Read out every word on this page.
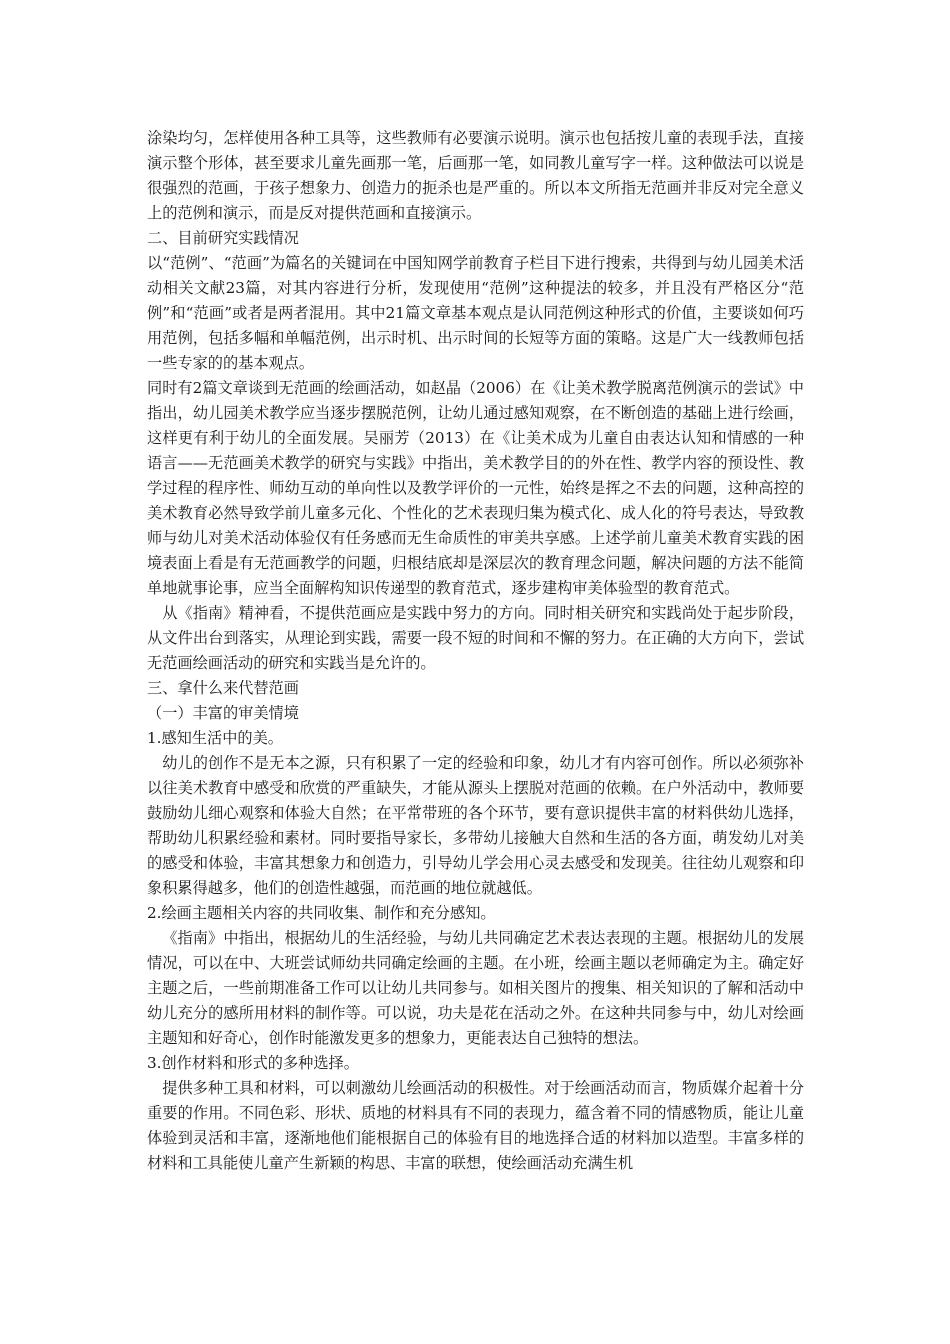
涂染均匀，怎样使用各种工具等，这些教师有必要演示说明。演示也包括按儿童的表现手法，直接演示整个形体，甚至要求儿童先画那一笔，后画那一笔，如同教儿童写字一样。这种做法可以说是很强烈的范画，于孩子想象力、创造力的扼杀也是严重的。所以本文所指无范画并非反对完全意义上的范例和演示，而是反对提供范画和直接演示。

二、目前研究实践情况

以“范例”、“范画”为篇名的关键词在中国知网学前教育子栏目下进行搜索，共得到与幼儿园美术活动相关文献23篇，对其内容进行分析，发现使用“范例”这种提法的较多，并且没有严格区分“范例”和“范画”或者是两者混用。其中21篇文章基本观点是认同范例这种形式的价值，主要谈如何巧用范例，包括多幅和单幅范例，出示时机、出示时间的长短等方面的策略。这是广大一线教师包括一些专家的的基本观点。

同时有2篇文章谈到无范画的绘画活动，如赵晶（2006）在《让美术教学脱离范例演示的尝试》中指出，幼儿园美术教学应当逐步摆脱范例，让幼儿通过感知观察，在不断创造的基础上进行绘画，这样更有利于幼儿的全面发展。吴丽芳（2013）在《让美术成为儿童自由表达认知和情感的一种语言——无范画美术教学的研究与实践》中指出，美术教学目的的外在性、教学内容的预设性、教学过程的程序性、师幼互动的单向性以及教学评价的一元性，始终是挥之不去的问题，这种高控的美术教育必然导致学前儿童多元化、个性化的艺术表现归集为模式化、成人化的符号表达，导致教师与幼儿对美术活动体验仅有任务感而无生命质性的审美共享感。上述学前儿童美术教育实践的困境表面上看是有无范画教学的问题，归根结底却是深层次的教育理念问题，解决问题的方法不能简单地就事论事，应当全面解构知识传递型的教育范式，逐步建构审美体验型的教育范式。

从《指南》精神看，不提供范画应是实践中努力的方向。同时相关研究和实践尚处于起步阶段，从文件出台到落实，从理论到实践，需要一段不短的时间和不懈的努力。在正确的大方向下，尝试无范画绘画活动的研究和实践当是允许的。

三、拿什么来代替范画

（一）丰富的审美情境

1.感知生活中的美。

幼儿的创作不是无本之源，只有积累了一定的经验和印象，幼儿才有内容可创作。所以必须弥补以往美术教育中感受和欣赏的严重缺失，才能从源头上摆脱对范画的依赖。在户外活动中，教师要鼓励幼儿细心观察和体验大自然；在平常带班的各个环节，要有意识提供丰富的材料供幼儿选择，帮助幼儿积累经验和素材。同时要指导家长，多带幼儿接触大自然和生活的各方面，萌发幼儿对美的感受和体验，丰富其想象力和创造力，引导幼儿学会用心灵去感受和发现美。往往幼儿观察和印象积累得越多，他们的创造性越强，而范画的地位就越低。

2.绘画主题相关内容的共同收集、制作和充分感知。

《指南》中指出，根据幼儿的生活经验，与幼儿共同确定艺术表达表现的主题。根据幼儿的发展情况，可以在中、大班尝试师幼共同确定绘画的主题。在小班，绘画主题以老师确定为主。确定好主题之后，一些前期准备工作可以让幼儿共同参与。如相关图片的搜集、相关知识的了解和活动中幼儿充分的感所用材料的制作等。可以说，功夫是花在活动之外。在这种共同参与中，幼儿对绘画主题知和好奇心，创作时能激发更多的想象力，更能表达自己独特的想法。

3.创作材料和形式的多种选择。

提供多种工具和材料，可以刺激幼儿绘画活动的积极性。对于绘画活动而言，物质媒介起着十分重要的作用。不同色彩、形状、质地的材料具有不同的表现力，蕴含着不同的情感物质，能让儿童体验到灵活和丰富，逐渐地他们能根据自己的体验有目的地选择合适的材料加以造型。丰富多样的材料和工具能使儿童产生新颖的构思、丰富的联想，使绘画活动充满生机
